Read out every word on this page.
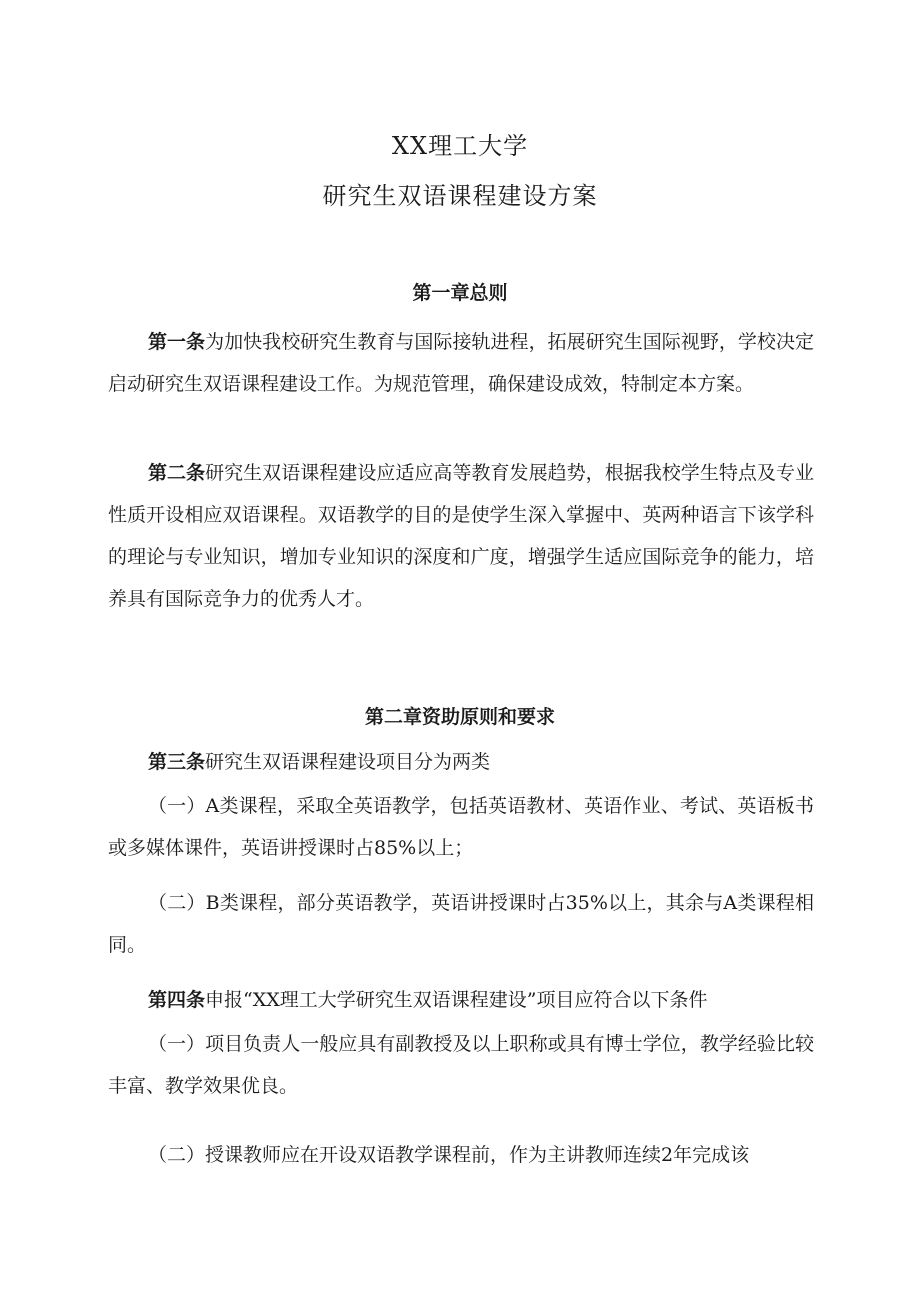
XX理工大学
研究生双语课程建设方案
第一章总则
第一条为加快我校研究生教育与国际接轨进程，拓展研究生国际视野，学校决定启动研究生双语课程建设工作。为规范管理，确保建设成效，特制定本方案。
第二条研究生双语课程建设应适应高等教育发展趋势，根据我校学生特点及专业性质开设相应双语课程。双语教学的目的是使学生深入掌握中、英两种语言下该学科的理论与专业知识，增加专业知识的深度和广度，增强学生适应国际竞争的能力，培养具有国际竞争力的优秀人才。
第二章资助原则和要求
第三条研究生双语课程建设项目分为两类
（一）A类课程，采取全英语教学，包括英语教材、英语作业、考试、英语板书或多媒体课件，英语讲授课时占85%以上；
（二）B类课程，部分英语教学，英语讲授课时占35%以上，其余与A类课程相同。
第四条申报“XX理工大学研究生双语课程建设”项目应符合以下条件
（一）项目负责人一般应具有副教授及以上职称或具有博士学位，教学经验比较丰富、教学效果优良。
（二）授课教师应在开设双语教学课程前，作为主讲教师连续2年完成该
